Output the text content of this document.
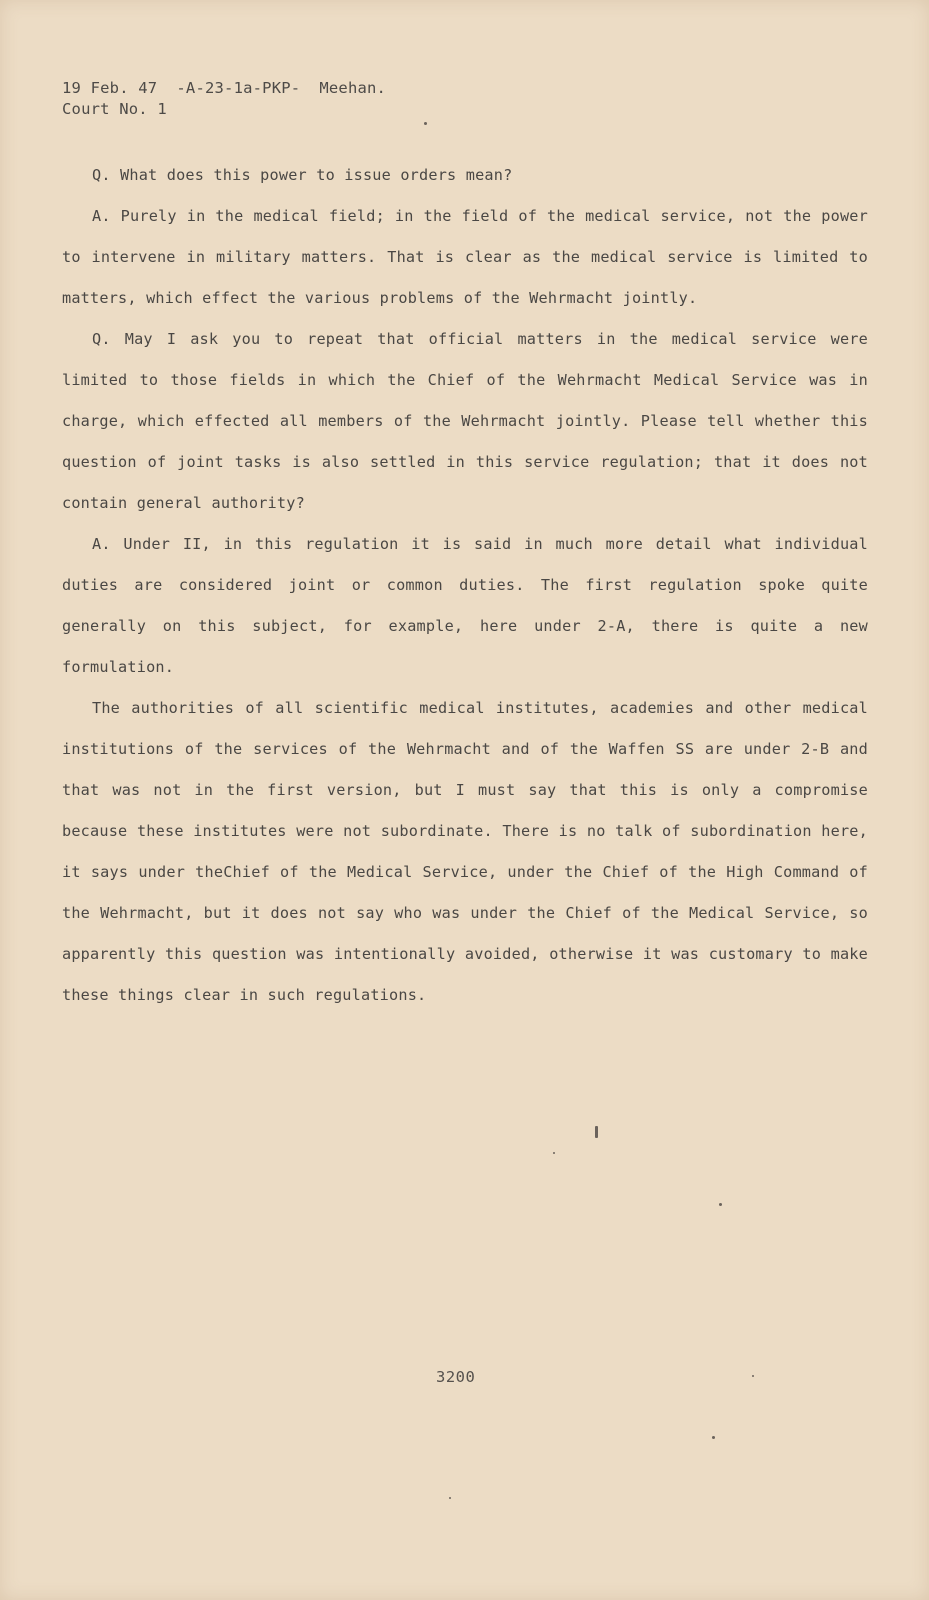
19 Feb. 47  -A-23-1a-PKP-  Meehan.
Court No. 1

Q. What does this power to issue orders mean?

A. Purely in the medical field; in the field of the medical service, not the power to intervene in military matters. That is clear as the medical service is limited to matters, which effect the various problems of the Wehrmacht jointly.

Q. May I ask you to repeat that official matters in the medical service were limited to those fields in which the Chief of the Wehrmacht Medical Service was in charge, which effected all members of the Wehrmacht jointly. Please tell whether this question of joint tasks is also settled in this service regulation; that it does not contain general authority?

A. Under II, in this regulation it is said in much more detail what individual duties are considered joint or common duties. The first regulation spoke quite generally on this subject, for example, here under 2-A, there is quite a new formulation.

The authorities of all scientific medical institutes, academies and other medical institutions of the services of the Wehrmacht and of the Waffen SS are under 2-B and that was not in the first version, but I must say that this is only a compromise because these institutes were not subordinate. There is no talk of subordination here, it says under theChief of the Medical Service, under the Chief of the High Command of the Wehrmacht, but it does not say who was under the Chief of the Medical Service, so apparently this question was intentionally avoided, otherwise it was customary to make these things clear in such regulations.

3200
